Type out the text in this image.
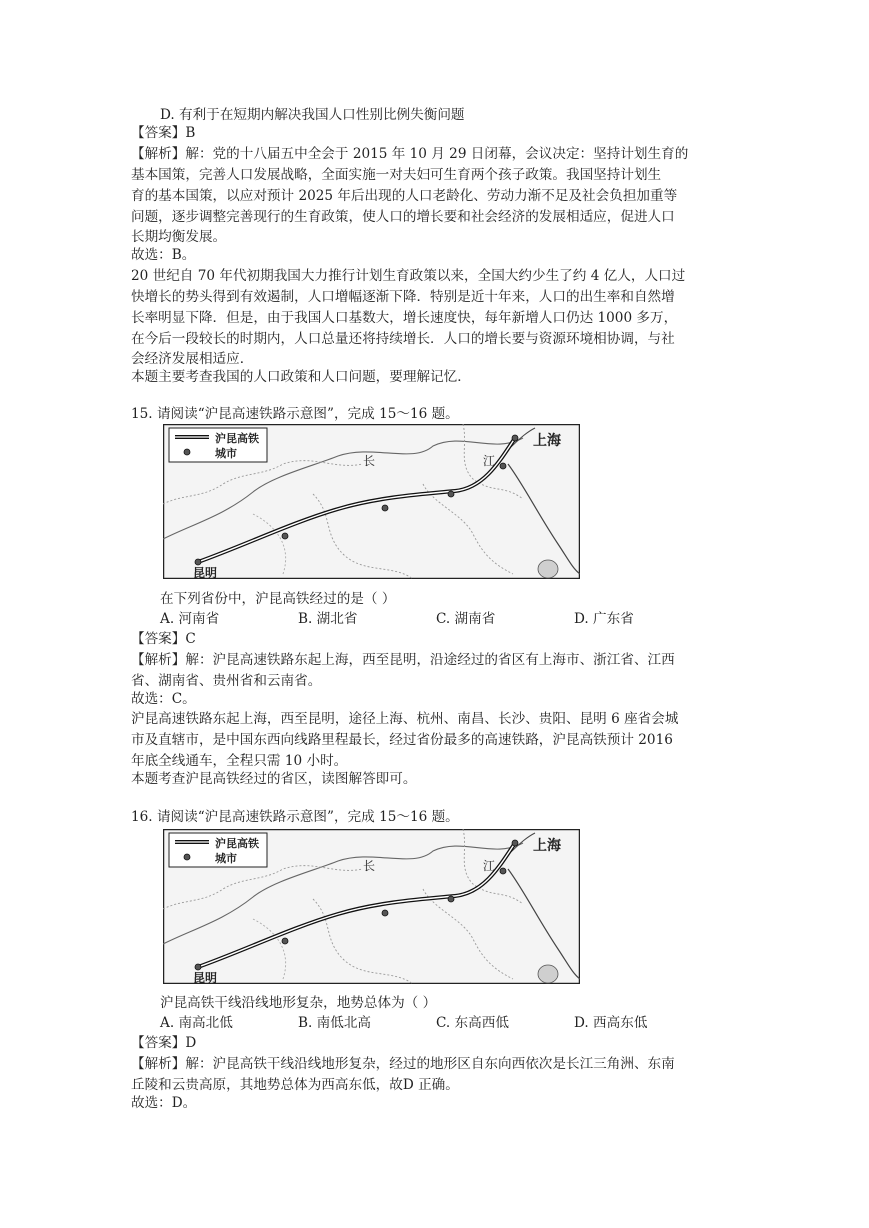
D. 有利于在短期内解决我国人口性别比例失衡问题
【答案】B
【解析】解：党的十八届五中全会于 2015 年 10 月 29 日闭幕，会议决定：坚持计划生育的
基本国策，完善人口发展战略，全面实施一对夫妇可生育两个孩子政策。我国坚持计划生
育的基本国策，以应对预计 2025 年后出现的人口老龄化、劳动力渐不足及社会负担加重等
问题，逐步调整完善现行的生育政策，使人口的增长要和社会经济的发展相适应，促进人口
长期均衡发展。
故选：B。
20 世纪自 70 年代初期我国大力推行计划生育政策以来，全国大约少生了约 4 亿人，人口过
快增长的势头得到有效遏制，人口增幅逐渐下降．特别是近十年来，人口的出生率和自然增
长率明显下降．但是，由于我国人口基数大，增长速度快，每年新增人口仍达 1000 多万，
在今后一段较长的时期内，人口总量还将持续增长．人口的增长要与资源环境相协调，与社
会经济发展相适应．
本题主要考查我国的人口政策和人口问题，要理解记忆．
15. 请阅读“沪昆高速铁路示意图”，完成 15～16 题。
沪昆高铁
城市
上海
昆明
长	江
在下列省份中，沪昆高铁经过的是（ ）
A. 河南省	B. 湖北省	C. 湖南省	D. 广东省
【答案】C
【解析】解：沪昆高速铁路东起上海，西至昆明，沿途经过的省区有上海市、浙江省、江西
省、湖南省、贵州省和云南省。
故选：C。
沪昆高速铁路东起上海，西至昆明，途径上海、杭州、南昌、长沙、贵阳、昆明 6 座省会城
市及直辖市，是中国东西向线路里程最长，经过省份最多的高速铁路，沪昆高铁预计 2016
年底全线通车，全程只需 10 小时。
本题考查沪昆高铁经过的省区，读图解答即可。
16. 请阅读“沪昆高速铁路示意图”，完成 15～16 题。
沪昆高铁
城市
上海
昆明
长	江
沪昆高铁干线沿线地形复杂，地势总体为（ ）
A. 南高北低	B. 南低北高	C. 东高西低	D. 西高东低
【答案】D
【解析】解：沪昆高铁干线沿线地形复杂，经过的地形区自东向西依次是长江三角洲、东南
丘陵和云贵高原，其地势总体为西高东低，故D 正确。
故选：D。
